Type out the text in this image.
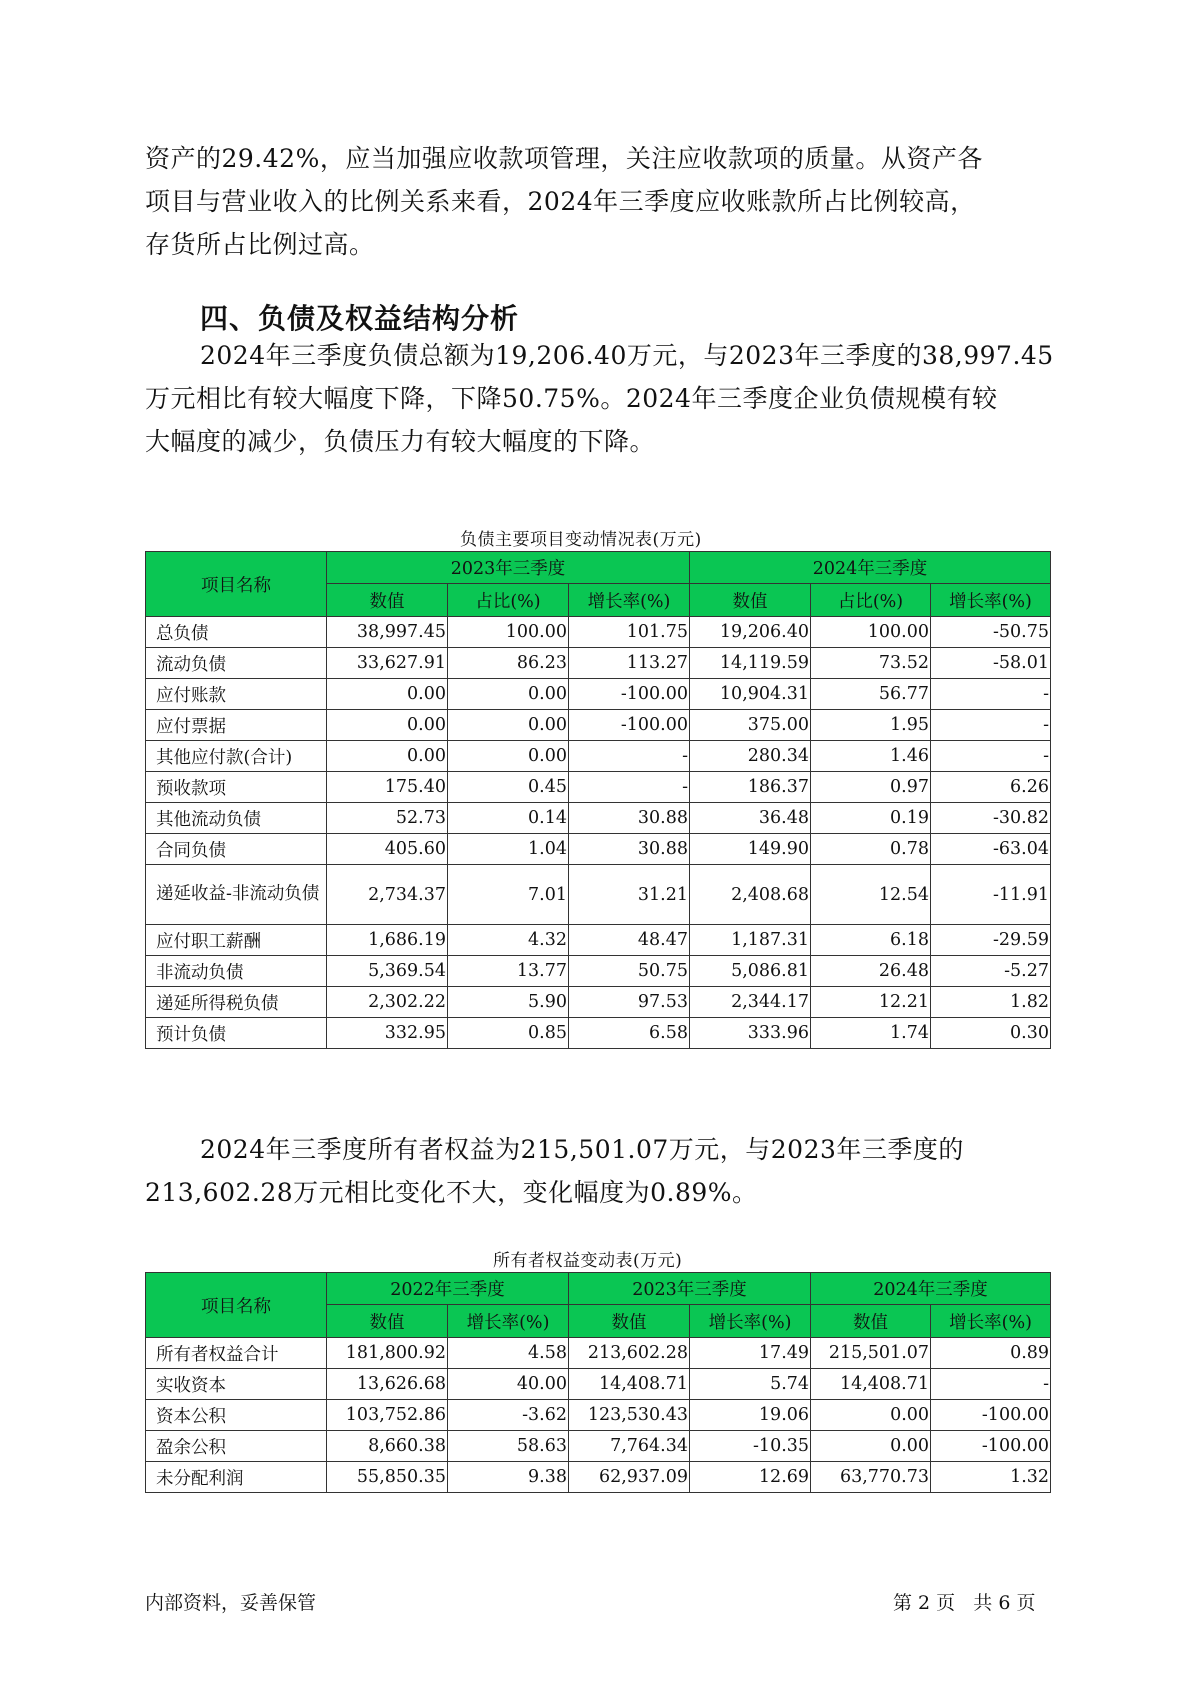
资产的29.42%，应当加强应收款项管理，关注应收款项的质量。从资产各
项目与营业收入的比例关系来看，2024年三季度应收账款所占比例较高，
存货所占比例过高。
四、负债及权益结构分析
2024年三季度负债总额为19,206.40万元，与2023年三季度的38,997.45
万元相比有较大幅度下降，下降50.75%。2024年三季度企业负债规模有较
大幅度的减少，负债压力有较大幅度的下降。
负债主要项目变动情况表(万元)
项目名称	2023年三季度			2024年三季度		
	数值	占比(%)	增长率(%)	数值	占比(%)	增长率(%)
总负债	38,997.45	100.00	101.75	19,206.40	100.00	-50.75
流动负债	33,627.91	86.23	113.27	14,119.59	73.52	-58.01
应付账款	0.00	0.00	-100.00	10,904.31	56.77	-
应付票据	0.00	0.00	-100.00	375.00	1.95	-
其他应付款(合计)	0.00	0.00	-	280.34	1.46	-
预收款项	175.40	0.45	-	186.37	0.97	6.26
其他流动负债	52.73	0.14	30.88	36.48	0.19	-30.82
合同负债	405.60	1.04	30.88	149.90	0.78	-63.04
递延收益-非流动负债	2,734.37	7.01	31.21	2,408.68	12.54	-11.91
应付职工薪酬	1,686.19	4.32	48.47	1,187.31	6.18	-29.59
非流动负债	5,369.54	13.77	50.75	5,086.81	26.48	-5.27
递延所得税负债	2,302.22	5.90	97.53	2,344.17	12.21	1.82
预计负债	332.95	0.85	6.58	333.96	1.74	0.30
2024年三季度所有者权益为215,501.07万元，与2023年三季度的
213,602.28万元相比变化不大，变化幅度为0.89%。
所有者权益变动表(万元)
项目名称	2022年三季度		2023年三季度		2024年三季度	
	数值	增长率(%)	数值	增长率(%)	数值	增长率(%)
所有者权益合计	181,800.92	4.58	213,602.28	17.49	215,501.07	0.89
实收资本	13,626.68	40.00	14,408.71	5.74	14,408.71	-
资本公积	103,752.86	-3.62	123,530.43	19.06	0.00	-100.00
盈余公积	8,660.38	58.63	7,764.34	-10.35	0.00	-100.00
未分配利润	55,850.35	9.38	62,937.09	12.69	63,770.73	1.32
内部资料，妥善保管	第 2 页   共 6 页
